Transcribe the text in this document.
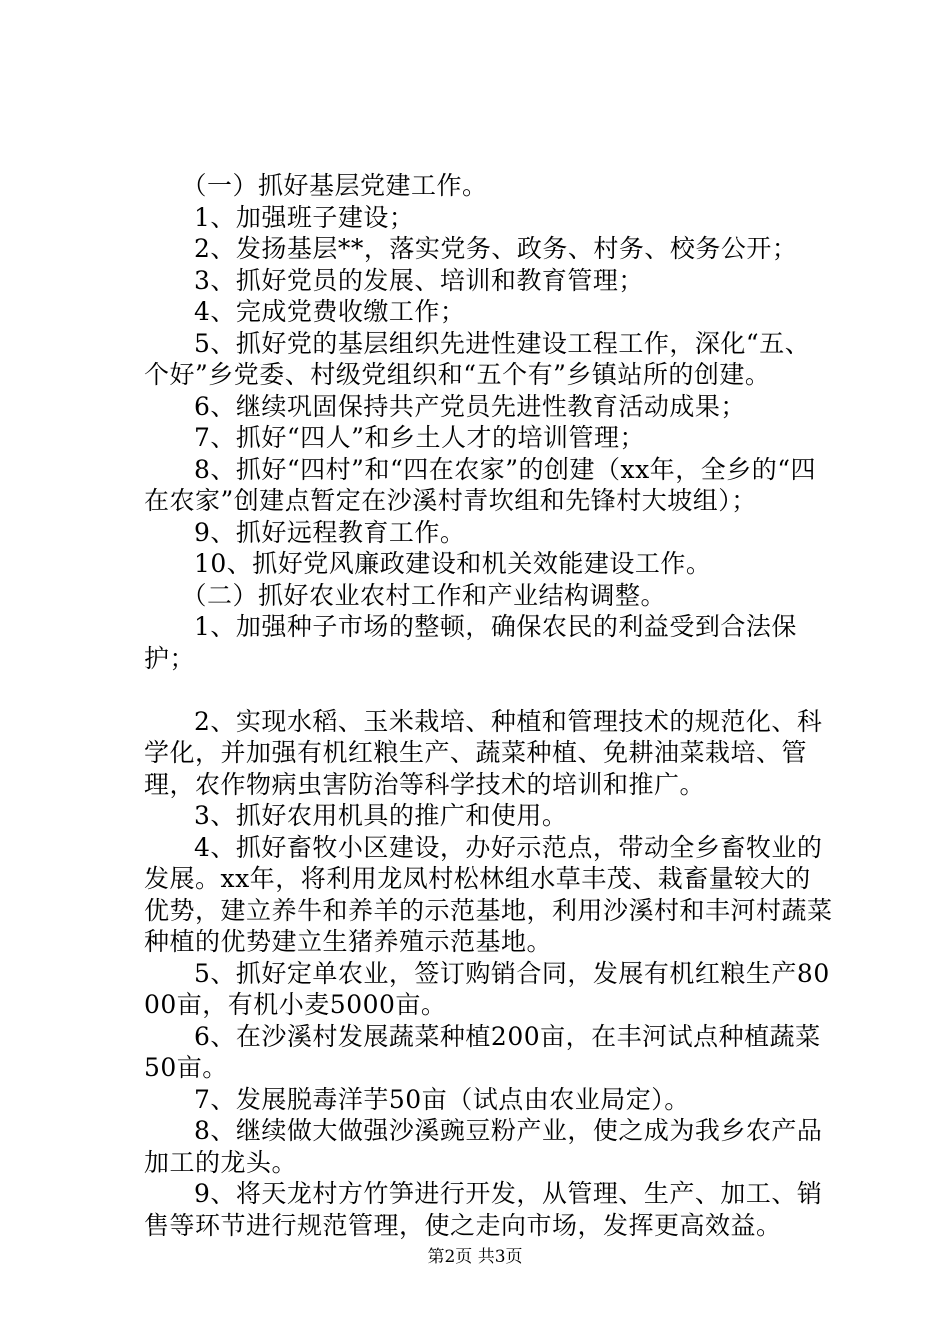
（一）抓好基层党建工作。

1、加强班子建设；

2、发扬基层**，落实党务、政务、村务、校务公开；

3、抓好党员的发展、培训和教育管理；

4、完成党费收缴工作；

5、抓好党的基层组织先进性建设工程工作，深化“五、个好”乡党委、村级党组织和“五个有”乡镇站所的创建。

6、继续巩固保持共产党员先进性教育活动成果；

7、抓好“四人”和乡土人才的培训管理；

8、抓好“四村”和“四在农家”的创建（xx年，全乡的“四在农家”创建点暂定在沙溪村青坎组和先锋村大坡组）；

9、抓好远程教育工作。

10、抓好党风廉政建设和机关效能建设工作。

（二）抓好农业农村工作和产业结构调整。

1、加强种子市场的整顿，确保农民的利益受到合法保护；

2、实现水稻、玉米栽培、种植和管理技术的规范化、科学化，并加强有机红粮生产、蔬菜种植、免耕油菜栽培、管理，农作物病虫害防治等科学技术的培训和推广。

3、抓好农用机具的推广和使用。

4、抓好畜牧小区建设，办好示范点，带动全乡畜牧业的发展。xx年，将利用龙凤村松林组水草丰茂、栽畜量较大的优势，建立养牛和养羊的示范基地，利用沙溪村和丰河村蔬菜种植的优势建立生猪养殖示范基地。

5、抓好定单农业，签订购销合同，发展有机红粮生产8000亩，有机小麦5000亩。

6、在沙溪村发展蔬菜种植200亩，在丰河试点种植蔬菜50亩。

7、发展脱毒洋芋50亩（试点由农业局定）。

8、继续做大做强沙溪豌豆粉产业，使之成为我乡农产品加工的龙头。

9、将天龙村方竹笋进行开发，从管理、生产、加工、销售等环节进行规范管理，使之走向市场，发挥更高效益。

第2页 共3页
